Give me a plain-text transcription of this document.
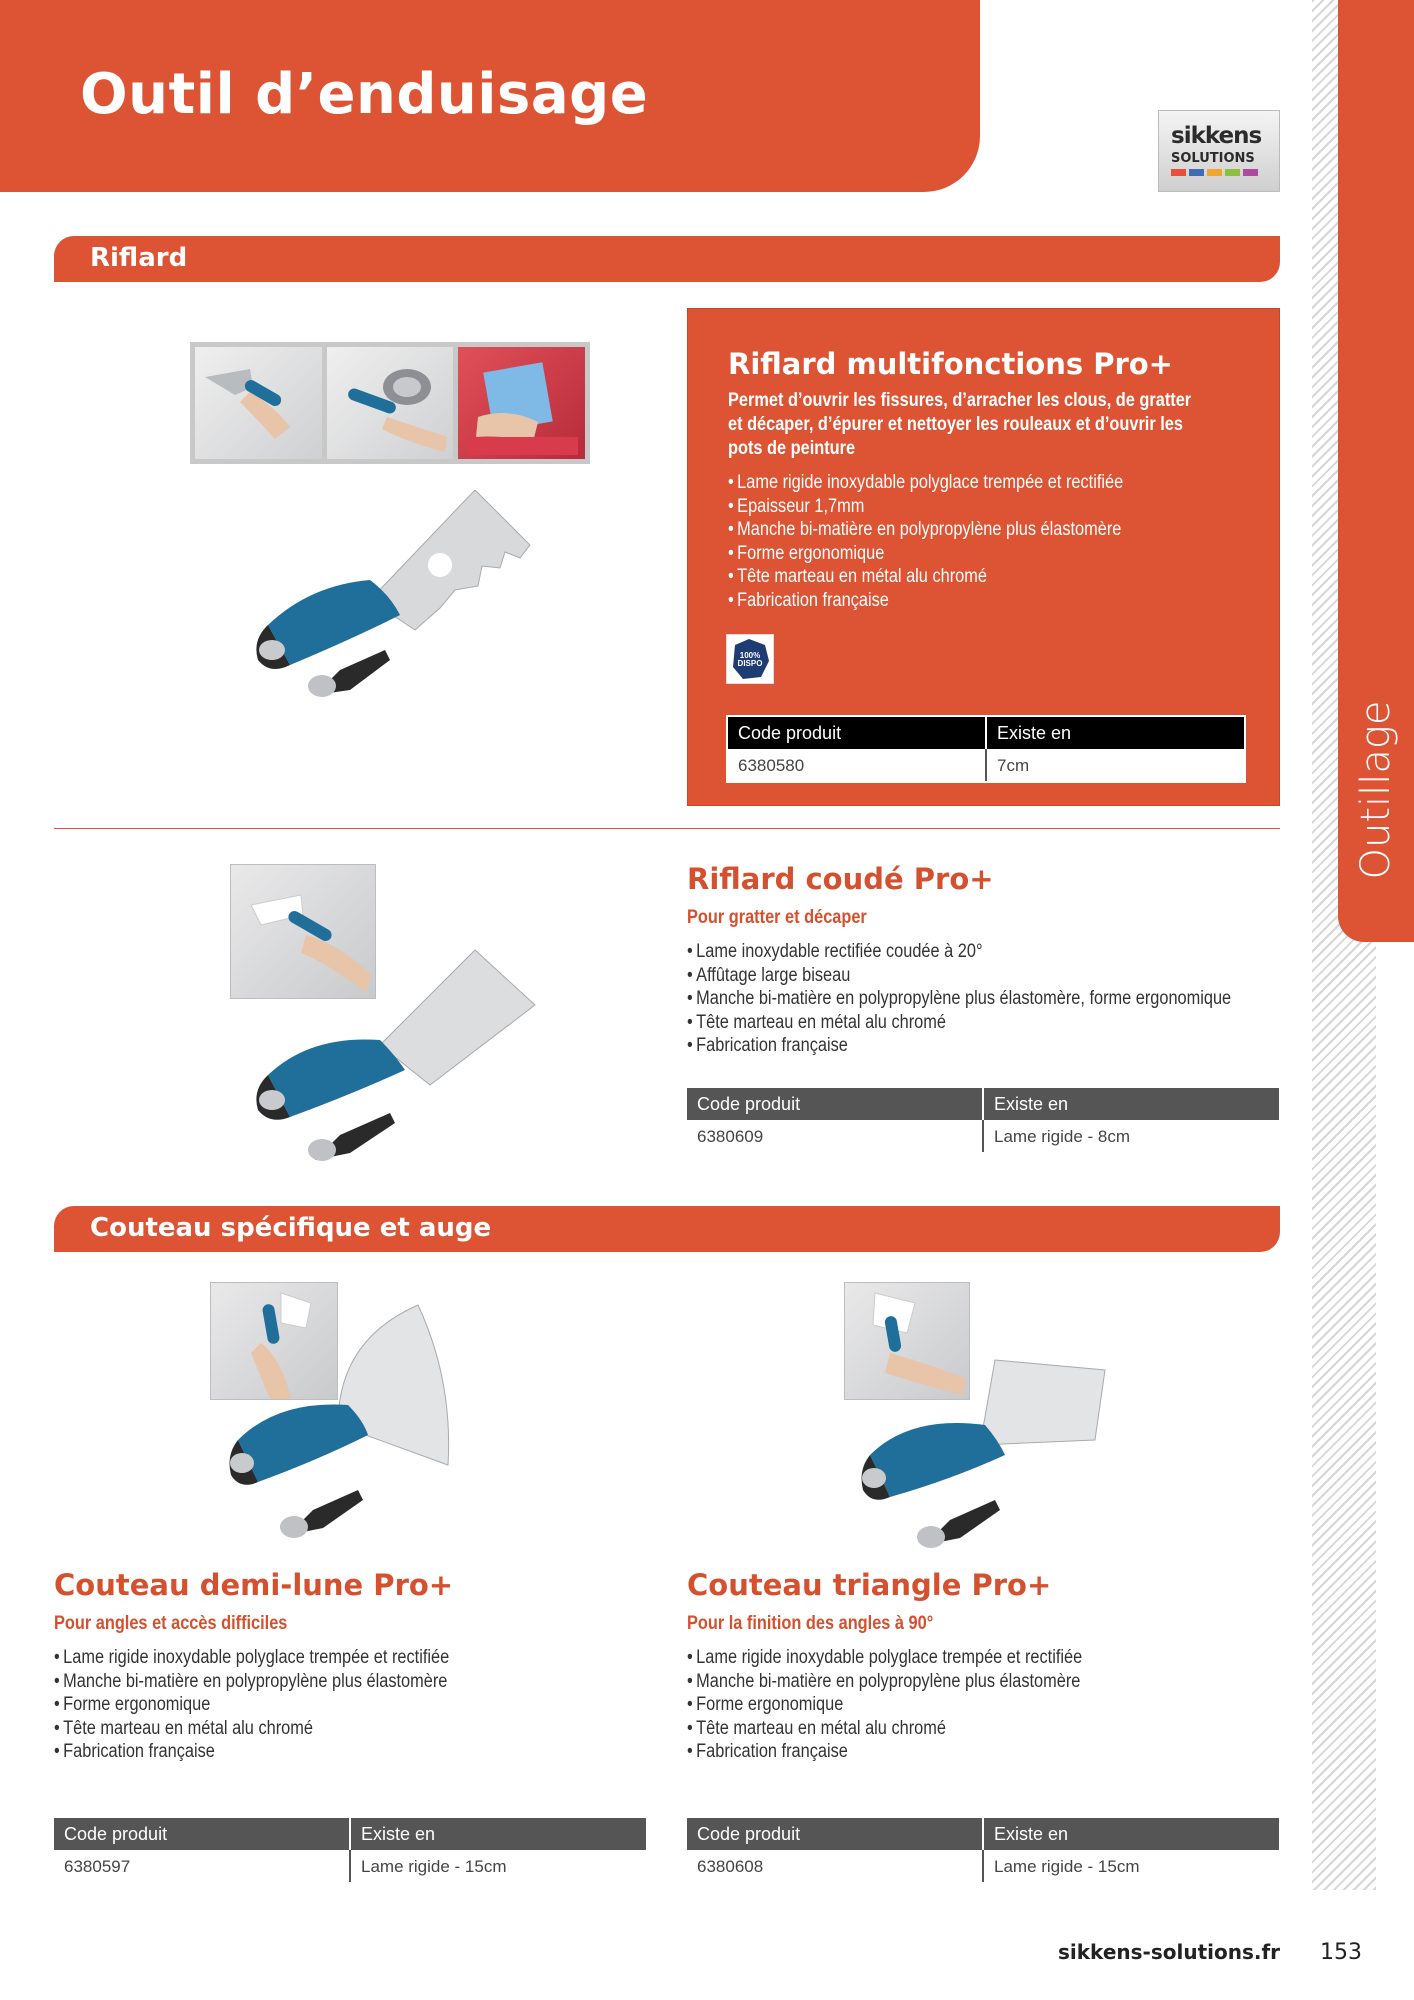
Outil d’enduisage
sikkens
SOLUTIONS
Outillage
Riflard
Riflard multifonctions Pro+
Permet d’ouvrir les fissures, d’arracher les clous, de gratter et décaper, d’épurer et nettoyer les rouleaux et d’ouvrir les pots de peinture
• Lame rigide inoxydable polyglace trempée et rectifiée
• Epaisseur 1,7mm
• Manche bi-matière en polypropylène plus élastomère
• Forme ergonomique
• Tête marteau en métal alu chromé
• Fabrication française
100% DISPO
Code produit	Existe en
6380580	7cm
Riflard coudé Pro+
Pour gratter et décaper
• Lame inoxydable rectifiée coudée à 20°
• Affûtage large biseau
• Manche bi-matière en polypropylène plus élastomère, forme ergonomique
• Tête marteau en métal alu chromé
• Fabrication française
Code produit	Existe en
6380609	Lame rigide - 8cm
Couteau spécifique et auge
Couteau demi-lune Pro+
Pour angles et accès difficiles
• Lame rigide inoxydable polyglace trempée et rectifiée
• Manche bi-matière en polypropylène plus élastomère
• Forme ergonomique
• Tête marteau en métal alu chromé
• Fabrication française
Code produit	Existe en
6380597	Lame rigide - 15cm
Couteau triangle Pro+
Pour la finition des angles à 90°
• Lame rigide inoxydable polyglace trempée et rectifiée
• Manche bi-matière en polypropylène plus élastomère
• Forme ergonomique
• Tête marteau en métal alu chromé
• Fabrication française
Code produit	Existe en
6380608	Lame rigide - 15cm
sikkens-solutions.fr 153
